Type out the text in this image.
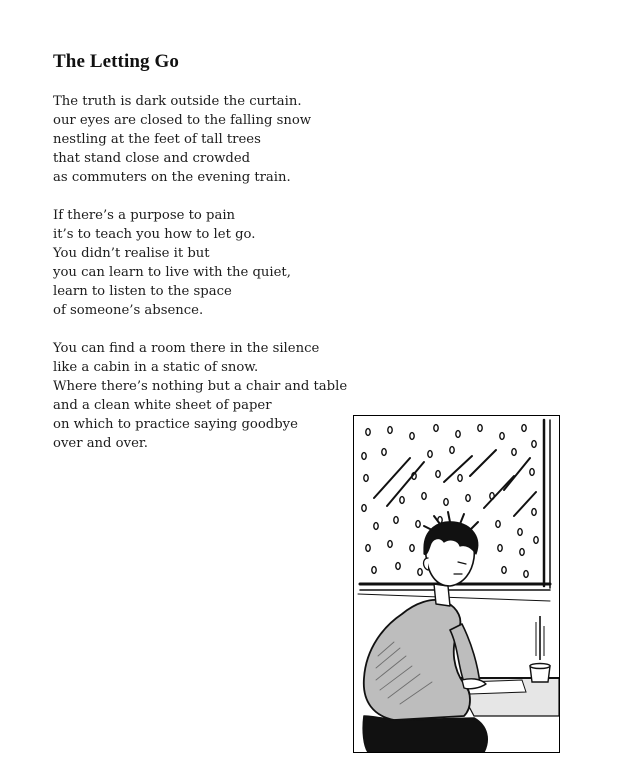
The Letting Go
The truth is dark outside the curtain.
our eyes are closed to the falling snow
nestling at the feet of tall trees
that stand close and crowded
as commuters on the evening train.
If there’s a purpose to pain
it’s to teach you how to let go.
You didn’t realise it but
you can learn to live with the quiet,
learn to listen to the space
of someone’s absence.
You can find a room there in the silence
like a cabin in a static of snow.
Where there’s nothing but a chair and table
and a clean white sheet of paper
on which to practice saying goodbye
over and over.
